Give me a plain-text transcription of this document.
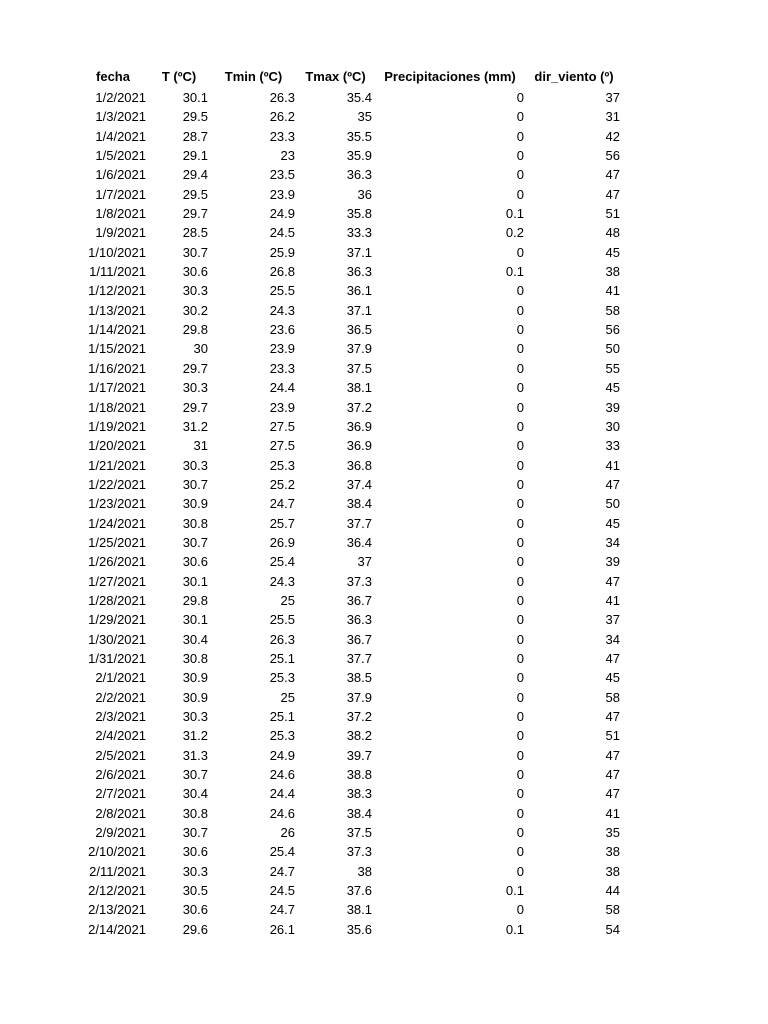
fecha	T (ºC)	Tmin (ºC)	Tmax (ºC)	Precipitaciones (mm)	dir_viento (º)
1/2/2021	30.1	26.3	35.4	0	37
1/3/2021	29.5	26.2	35	0	31
1/4/2021	28.7	23.3	35.5	0	42
1/5/2021	29.1	23	35.9	0	56
1/6/2021	29.4	23.5	36.3	0	47
1/7/2021	29.5	23.9	36	0	47
1/8/2021	29.7	24.9	35.8	0.1	51
1/9/2021	28.5	24.5	33.3	0.2	48
1/10/2021	30.7	25.9	37.1	0	45
1/11/2021	30.6	26.8	36.3	0.1	38
1/12/2021	30.3	25.5	36.1	0	41
1/13/2021	30.2	24.3	37.1	0	58
1/14/2021	29.8	23.6	36.5	0	56
1/15/2021	30	23.9	37.9	0	50
1/16/2021	29.7	23.3	37.5	0	55
1/17/2021	30.3	24.4	38.1	0	45
1/18/2021	29.7	23.9	37.2	0	39
1/19/2021	31.2	27.5	36.9	0	30
1/20/2021	31	27.5	36.9	0	33
1/21/2021	30.3	25.3	36.8	0	41
1/22/2021	30.7	25.2	37.4	0	47
1/23/2021	30.9	24.7	38.4	0	50
1/24/2021	30.8	25.7	37.7	0	45
1/25/2021	30.7	26.9	36.4	0	34
1/26/2021	30.6	25.4	37	0	39
1/27/2021	30.1	24.3	37.3	0	47
1/28/2021	29.8	25	36.7	0	41
1/29/2021	30.1	25.5	36.3	0	37
1/30/2021	30.4	26.3	36.7	0	34
1/31/2021	30.8	25.1	37.7	0	47
2/1/2021	30.9	25.3	38.5	0	45
2/2/2021	30.9	25	37.9	0	58
2/3/2021	30.3	25.1	37.2	0	47
2/4/2021	31.2	25.3	38.2	0	51
2/5/2021	31.3	24.9	39.7	0	47
2/6/2021	30.7	24.6	38.8	0	47
2/7/2021	30.4	24.4	38.3	0	47
2/8/2021	30.8	24.6	38.4	0	41
2/9/2021	30.7	26	37.5	0	35
2/10/2021	30.6	25.4	37.3	0	38
2/11/2021	30.3	24.7	38	0	38
2/12/2021	30.5	24.5	37.6	0.1	44
2/13/2021	30.6	24.7	38.1	0	58
2/14/2021	29.6	26.1	35.6	0.1	54
